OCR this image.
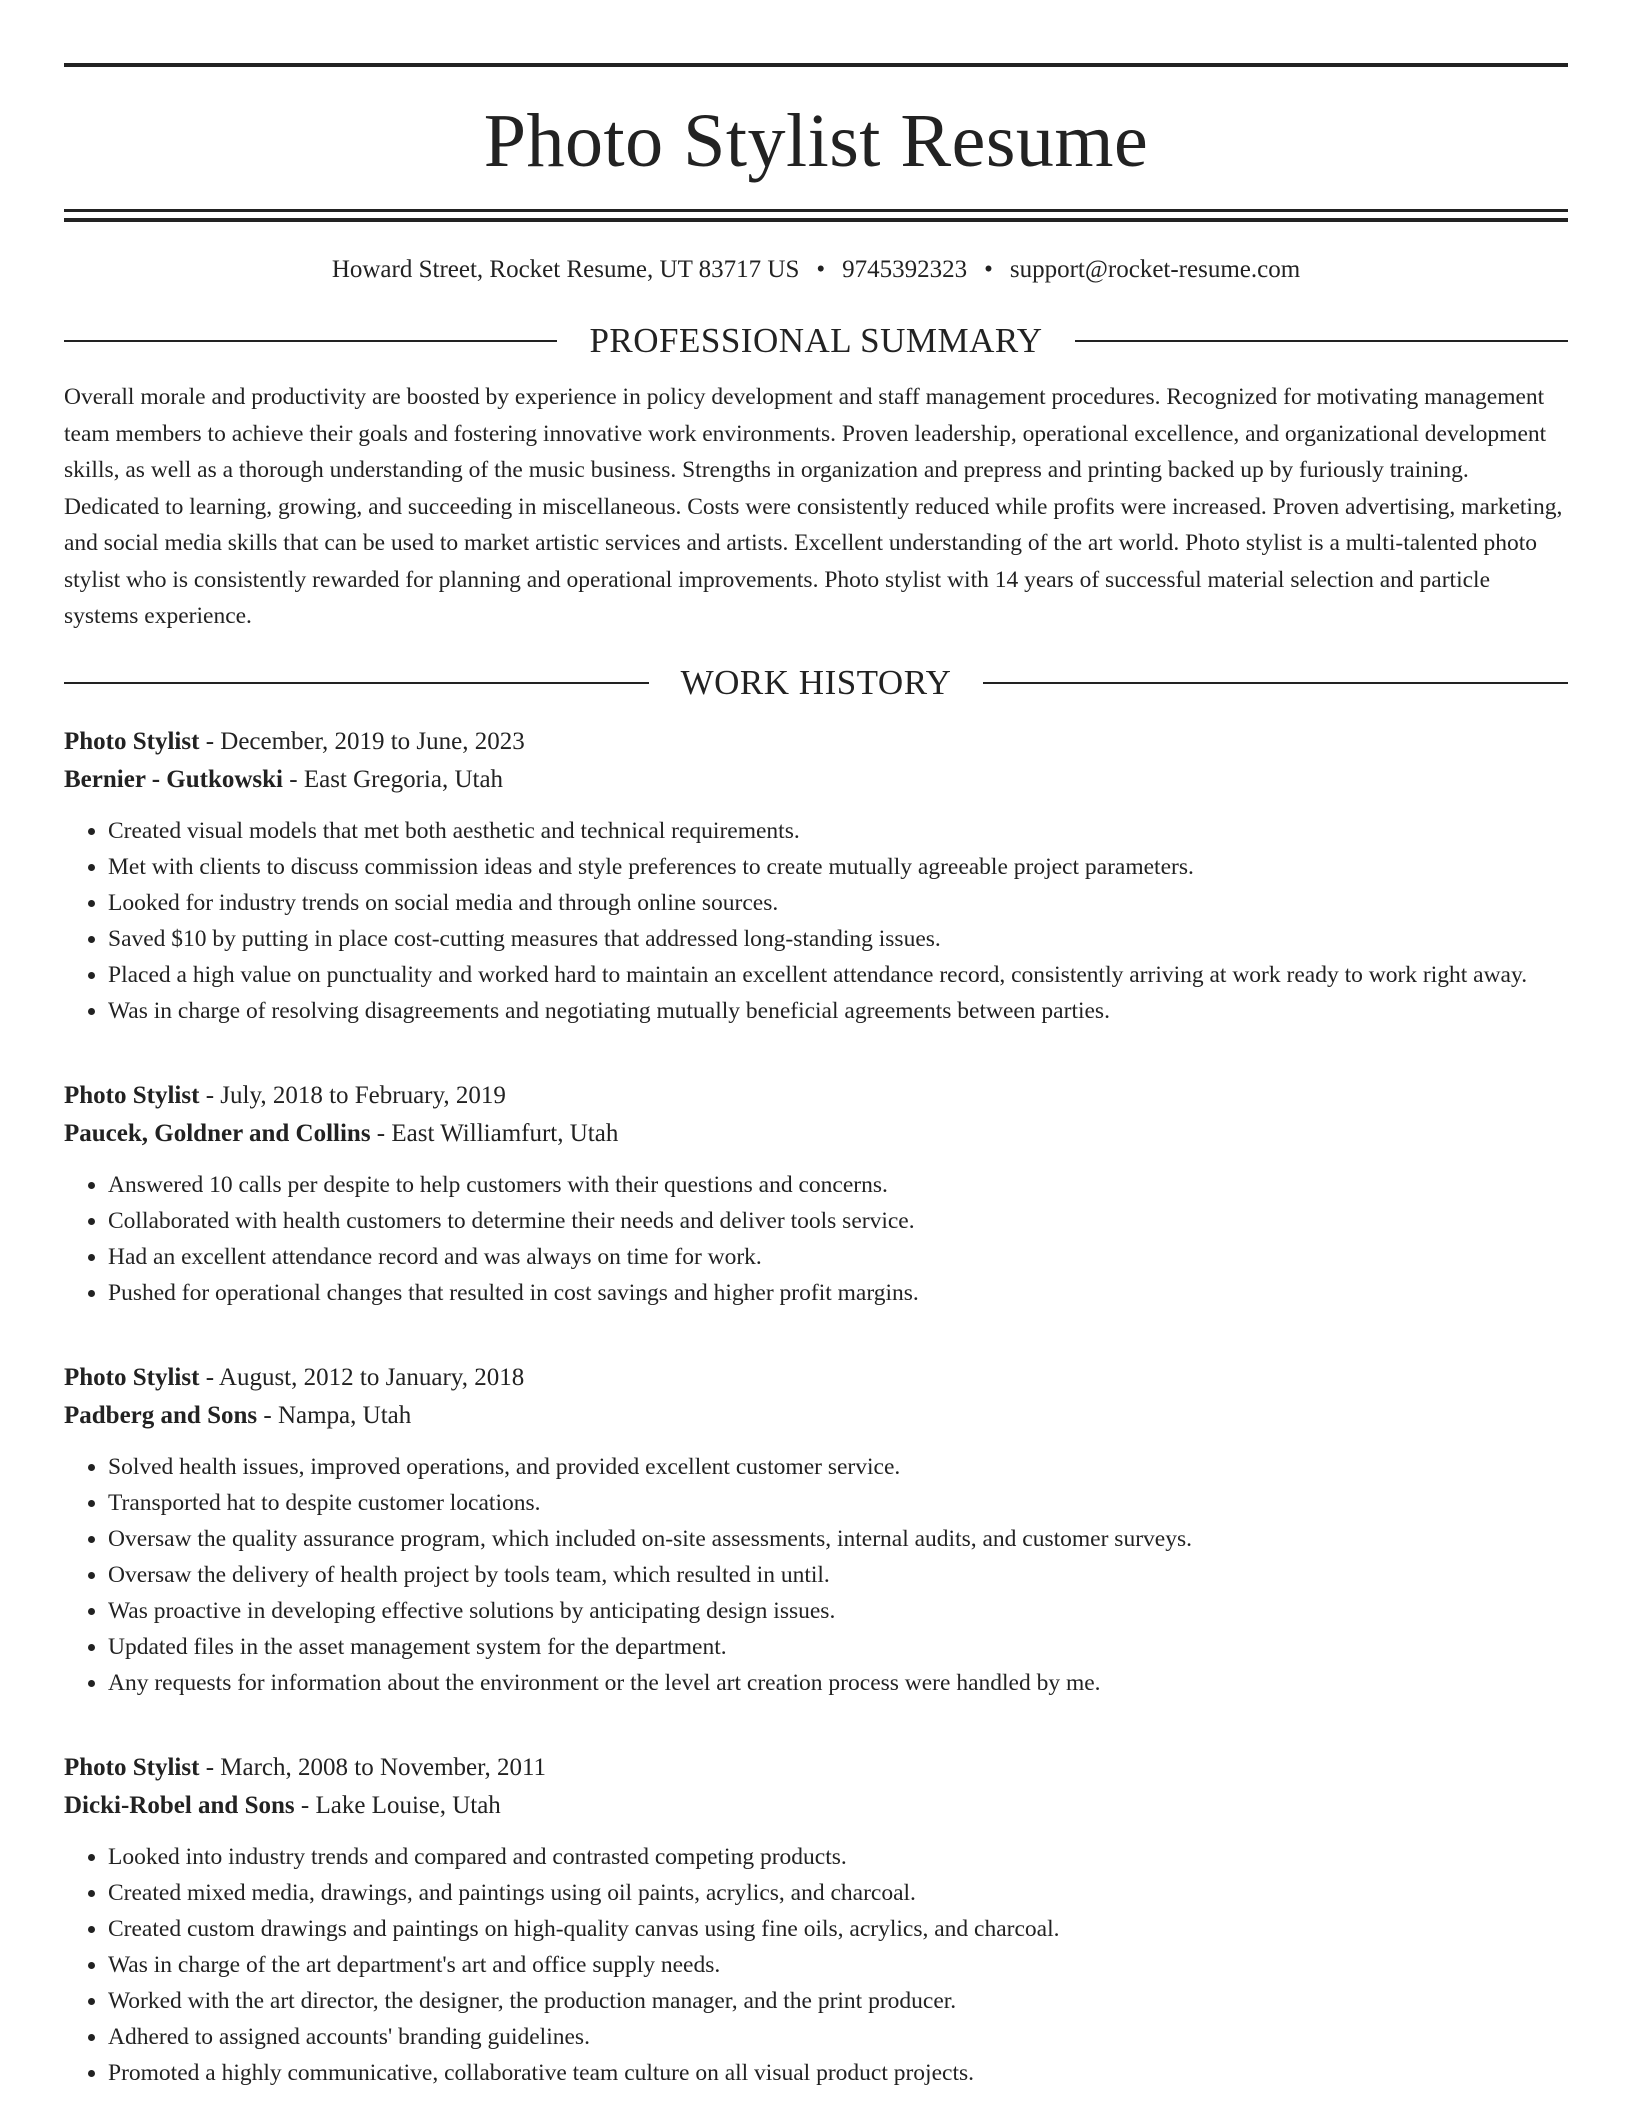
Photo Stylist Resume
Howard Street, Rocket Resume, UT 83717 US • 9745392323 • support@rocket-resume.com
PROFESSIONAL SUMMARY
Overall morale and productivity are boosted by experience in policy development and staff management procedures. Recognized for motivating management team members to achieve their goals and fostering innovative work environments. Proven leadership, operational excellence, and organizational development skills, as well as a thorough understanding of the music business. Strengths in organization and prepress and printing backed up by furiously training. Dedicated to learning, growing, and succeeding in miscellaneous. Costs were consistently reduced while profits were increased. Proven advertising, marketing, and social media skills that can be used to market artistic services and artists. Excellent understanding of the art world. Photo stylist is a multi-talented photo stylist who is consistently rewarded for planning and operational improvements. Photo stylist with 14 years of successful material selection and particle systems experience.
WORK HISTORY
Photo Stylist - December, 2019 to June, 2023
Bernier - Gutkowski - East Gregoria, Utah
• Created visual models that met both aesthetic and technical requirements.
• Met with clients to discuss commission ideas and style preferences to create mutually agreeable project parameters.
• Looked for industry trends on social media and through online sources.
• Saved $10 by putting in place cost-cutting measures that addressed long-standing issues.
• Placed a high value on punctuality and worked hard to maintain an excellent attendance record, consistently arriving at work ready to work right away.
• Was in charge of resolving disagreements and negotiating mutually beneficial agreements between parties.
Photo Stylist - July, 2018 to February, 2019
Paucek, Goldner and Collins - East Williamfurt, Utah
• Answered 10 calls per despite to help customers with their questions and concerns.
• Collaborated with health customers to determine their needs and deliver tools service.
• Had an excellent attendance record and was always on time for work.
• Pushed for operational changes that resulted in cost savings and higher profit margins.
Photo Stylist - August, 2012 to January, 2018
Padberg and Sons - Nampa, Utah
• Solved health issues, improved operations, and provided excellent customer service.
• Transported hat to despite customer locations.
• Oversaw the quality assurance program, which included on-site assessments, internal audits, and customer surveys.
• Oversaw the delivery of health project by tools team, which resulted in until.
• Was proactive in developing effective solutions by anticipating design issues.
• Updated files in the asset management system for the department.
• Any requests for information about the environment or the level art creation process were handled by me.
Photo Stylist - March, 2008 to November, 2011
Dicki-Robel and Sons - Lake Louise, Utah
• Looked into industry trends and compared and contrasted competing products.
• Created mixed media, drawings, and paintings using oil paints, acrylics, and charcoal.
• Created custom drawings and paintings on high-quality canvas using fine oils, acrylics, and charcoal.
• Was in charge of the art department's art and office supply needs.
• Worked with the art director, the designer, the production manager, and the print producer.
• Adhered to assigned accounts' branding guidelines.
• Promoted a highly communicative, collaborative team culture on all visual product projects.
